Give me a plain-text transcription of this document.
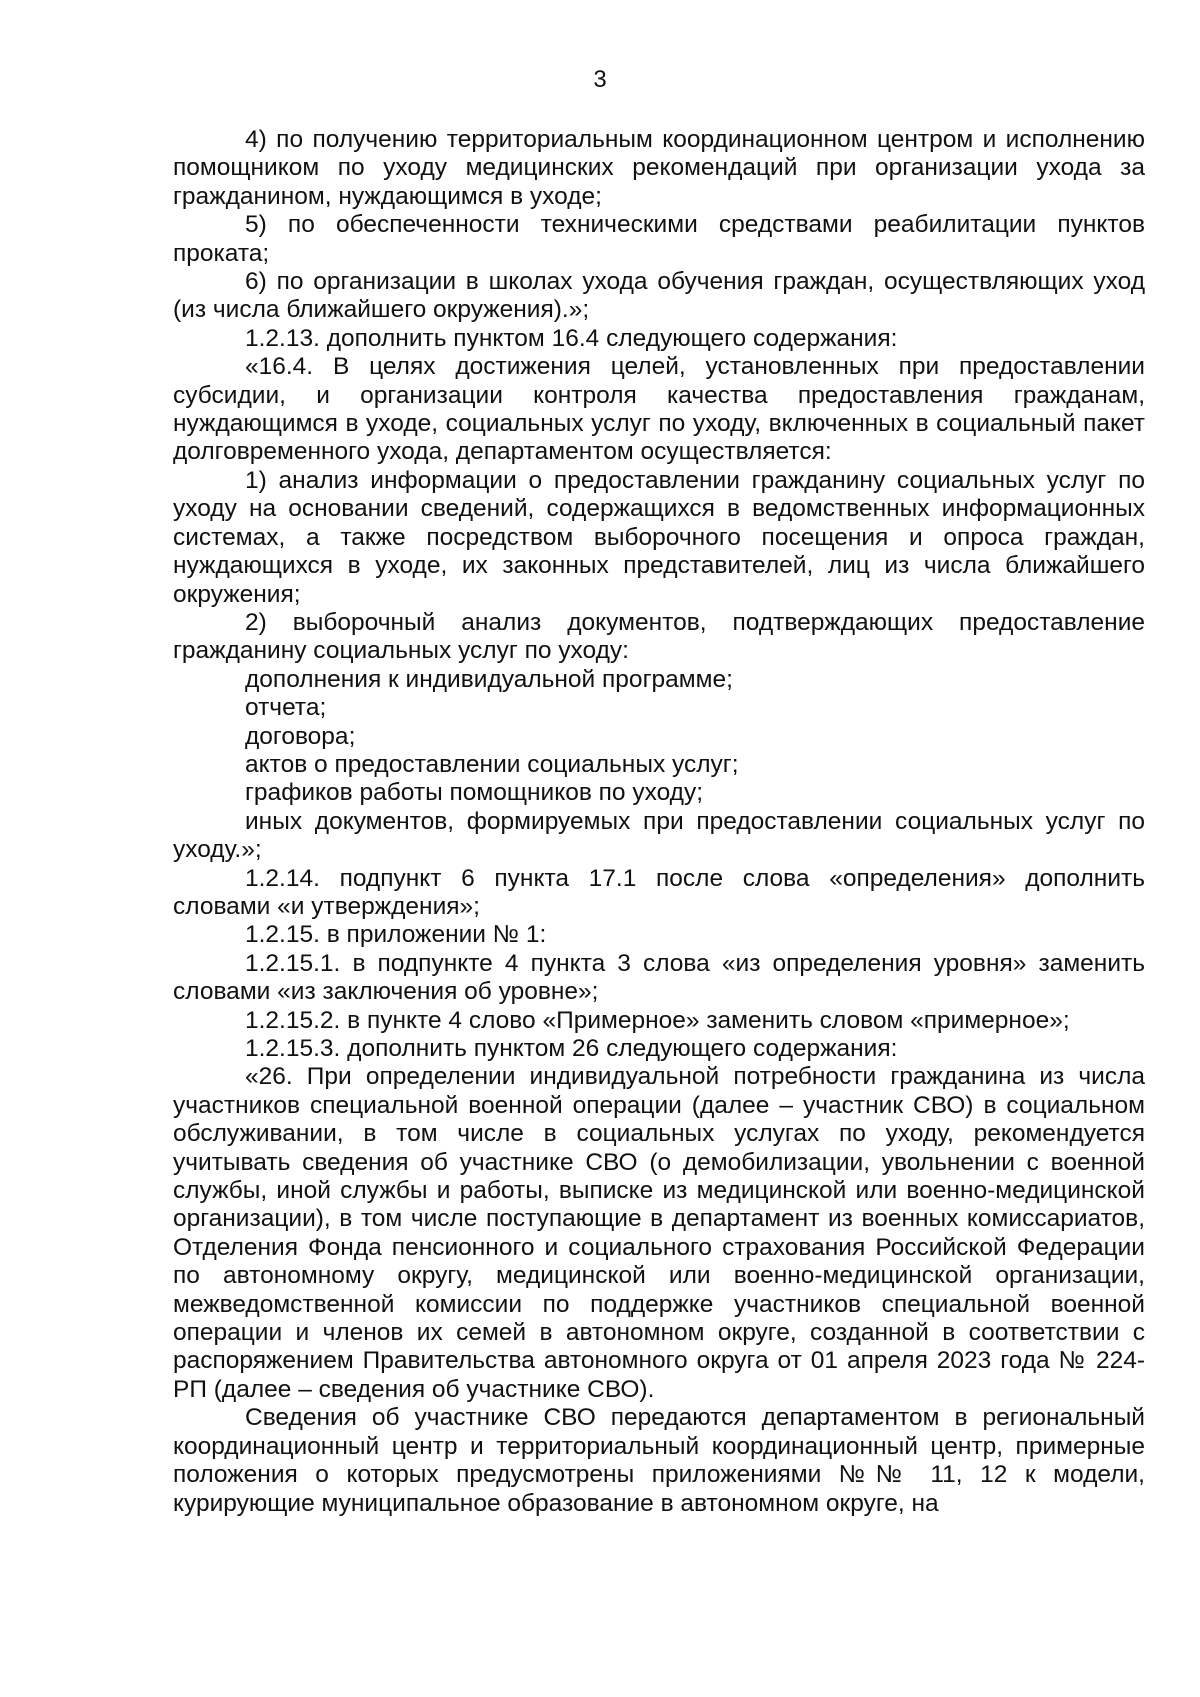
3

4) по получению территориальным координационном центром и исполнению помощником по уходу медицинских рекомендаций при организации ухода за гражданином, нуждающимся в уходе;

5) по обеспеченности техническими средствами реабилитации пунктов проката;

6) по организации в школах ухода обучения граждан, осуществляющих уход (из числа ближайшего окружения).»;

1.2.13. дополнить пунктом 16.4 следующего содержания:

«16.4. В целях достижения целей, установленных при предоставлении субсидии, и организации контроля качества предоставления гражданам, нуждающимся в уходе, социальных услуг по уходу, включенных в социальный пакет долговременного ухода, департаментом осуществляется:

1) анализ информации о предоставлении гражданину социальных услуг по уходу на основании сведений, содержащихся в ведомственных информационных системах, а также посредством выборочного посещения и опроса граждан, нуждающихся в уходе, их законных представителей, лиц из числа ближайшего окружения;

2) выборочный анализ документов, подтверждающих предоставление гражданину социальных услуг по уходу:

дополнения к индивидуальной программе;

отчета;

договора;

актов о предоставлении социальных услуг;

графиков работы помощников по уходу;

иных документов, формируемых при предоставлении социальных услуг по уходу.»;

1.2.14. подпункт 6 пункта 17.1 после слова «определения» дополнить словами «и утверждения»;

1.2.15. в приложении № 1:

1.2.15.1. в подпункте 4 пункта 3 слова «из определения уровня» заменить словами «из заключения об уровне»;

1.2.15.2. в пункте 4 слово «Примерное» заменить словом «примерное»;

1.2.15.3. дополнить пунктом 26 следующего содержания:

«26. При определении индивидуальной потребности гражданина из числа участников специальной военной операции (далее – участник СВО) в социальном обслуживании, в том числе в социальных услугах по уходу, рекомендуется учитывать сведения об участнике СВО (о демобилизации, увольнении с военной службы, иной службы и работы, выписке из медицинской или военно-медицинской организации), в том числе поступающие в департамент из военных комиссариатов, Отделения Фонда пенсионного и социального страхования Российской Федерации по автономному округу, медицинской или военно-медицинской организации, межведомственной комиссии по поддержке участников специальной военной операции и членов их семей в автономном округе, созданной в соответствии с распоряжением Правительства автономного округа от 01 апреля 2023 года № 224-РП (далее – сведения об участнике СВО).

Сведения об участнике СВО передаются департаментом в региональный координационный центр и территориальный координационный центр, примерные положения о которых предусмотрены приложениями №№ 11, 12 к модели, курирующие муниципальное образование в автономном округе, на
